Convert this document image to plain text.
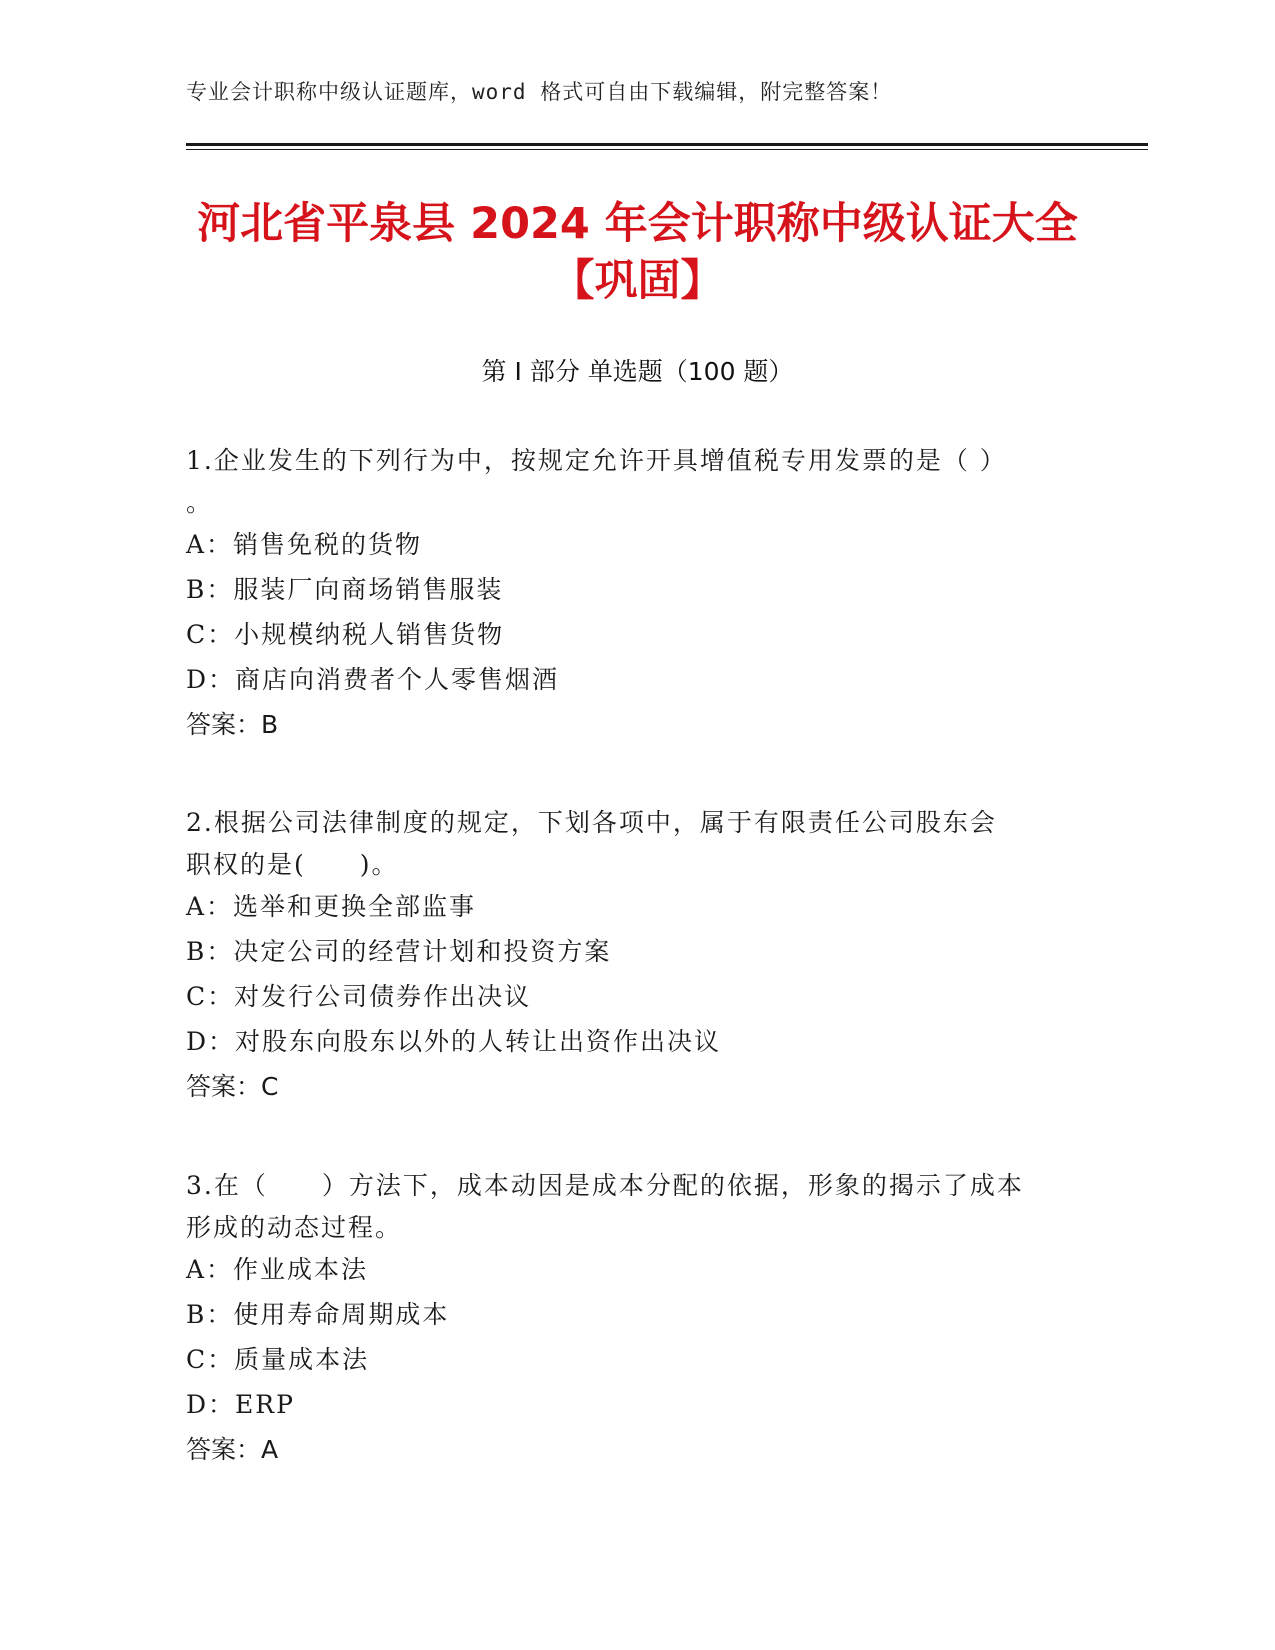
专业会计职称中级认证题库，word 格式可自由下载编辑，附完整答案！
河北省平泉县 2024 年会计职称中级认证大全
【巩固】
第 I 部分 单选题（100 题）

1.企业发生的下列行为中，按规定允许开具增值税专用发票的是（ ）

。

A：销售免税的货物

B：服装厂向商场销售服装

C：小规模纳税人销售货物

D：商店向消费者个人零售烟酒

答案：B

2.根据公司法律制度的规定，下划各项中，属于有限责任公司股东会

职权的是(　　)。

A：选举和更换全部监事

B：决定公司的经营计划和投资方案

C：对发行公司债券作出决议

D：对股东向股东以外的人转让出资作出决议

答案：C

3.在（　　）方法下，成本动因是成本分配的依据，形象的揭示了成本

形成的动态过程。

A：作业成本法

B：使用寿命周期成本

C：质量成本法

D：ERP

答案：A
